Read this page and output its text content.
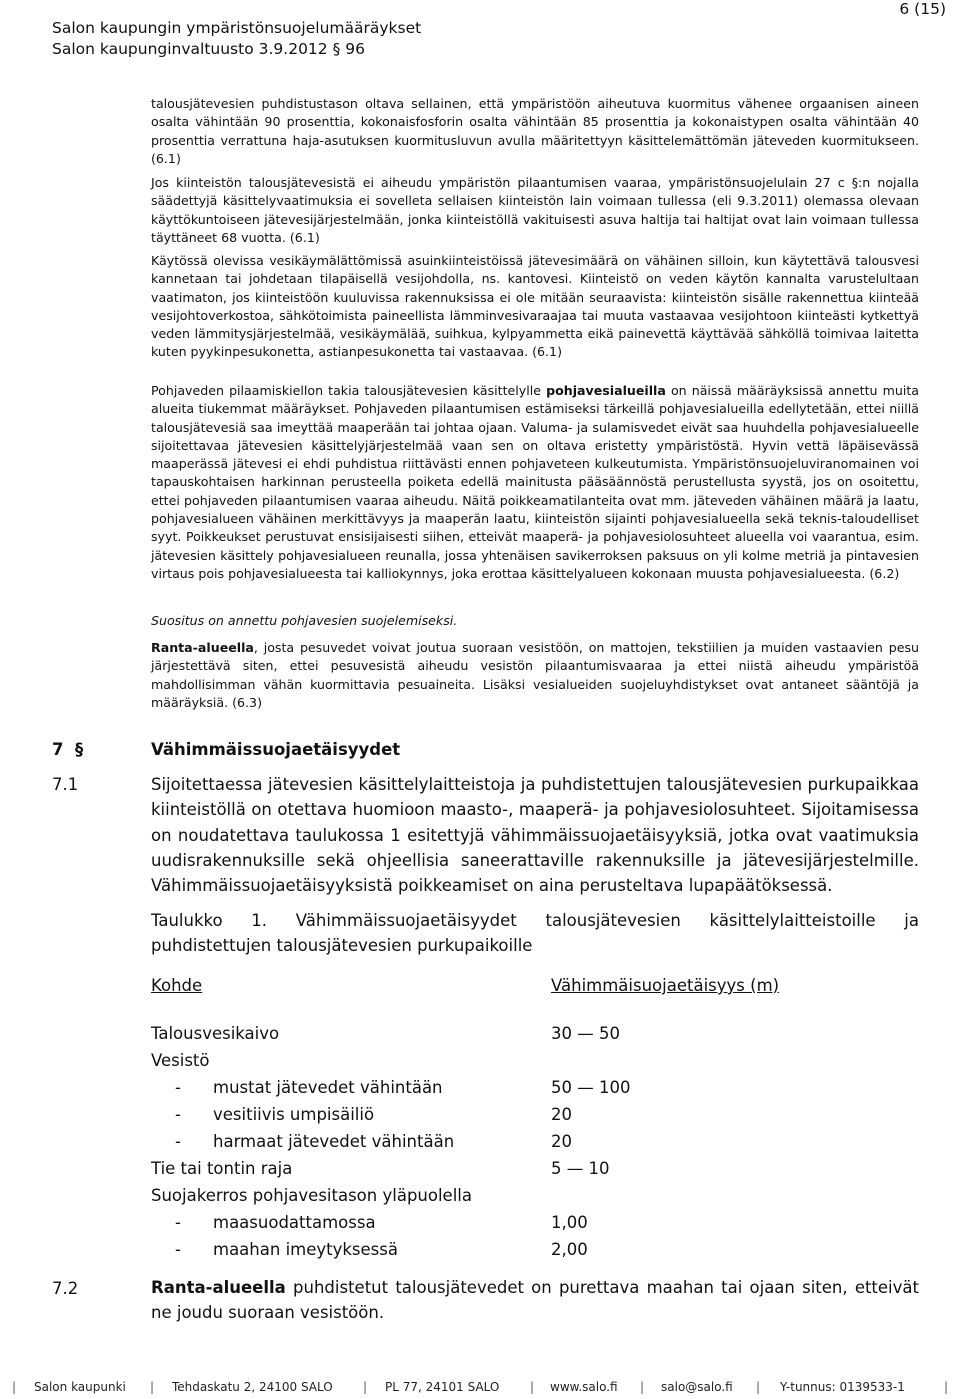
Salon kaupungin ympäristönsuojelumääräykset
Salon kaupunginvaltuusto 3.9.2012 § 96
6 (15)

talousjätevesien puhdistustason oltava sellainen, että ympäristöön aiheutuva kuormitus vähenee orgaanisen aineen osalta vähintään 90 prosenttia, kokonaisfosforin osalta vähintään 85 prosenttia ja kokonaistypen osalta vähintään 40 prosenttia verrattuna haja-asutuksen kuormitusluvun avulla määritettyyn käsittelemättömän jäteveden kuormitukseen. (6.1)

Jos kiinteistön talousjätevesistä ei aiheudu ympäristön pilaantumisen vaaraa, ympäristönsuojelulain 27 c §:n nojalla säädettyjä käsittelyvaatimuksia ei sovelleta sellaisen kiinteistön lain voimaan tullessa (eli 9.3.2011) olemassa olevaan käyttökuntoiseen jätevesijärjestelmään, jonka kiinteistöllä vakituisesti asuva haltija tai haltijat ovat lain voimaan tullessa täyttäneet 68 vuotta. (6.1)

Käytössä olevissa vesikäymälättömissä asuinkiinteistöissä jätevesimäärä on vähäinen silloin, kun käytettävä talousvesi kannetaan tai johdetaan tilapäisellä vesijohdolla, ns. kantovesi. Kiinteistö on veden käytön kannalta varustelultaan vaatimaton, jos kiinteistöön kuuluvissa rakennuksissa ei ole mitään seuraavista: kiinteistön sisälle rakennettua kiinteää vesijohtoverkostoa, sähkötoimista paineellista lämminvesivaraajaa tai muuta vastaavaa vesijohtoon kiinteästi kytkettyä veden lämmitysjärjestelmää, vesikäymälää, suihkua, kylpyammetta eikä painevettä käyttävää sähköllä toimivaa laitetta kuten pyykinpesukonetta, astianpesukonetta tai vastaavaa. (6.1)

Pohjaveden pilaamiskiellon takia talousjätevesien käsittelylle pohjavesialueilla on näissä määräyksissä annettu muita alueita tiukemmat määräykset. Pohjaveden pilaantumisen estämiseksi tärkeillä pohjavesialueilla edellytetään, ettei niillä talousjätevesiä saa imeyttää maaperään tai johtaa ojaan. Valuma- ja sulamisvedet eivät saa huuhdella pohjavesialueelle sijoitettavaa jätevesien käsittelyjärjestelmää vaan sen on oltava eristetty ympäristöstä. Hyvin vettä läpäisevässä maaperässä jätevesi ei ehdi puhdistua riittävästi ennen pohjaveteen kulkeutumista. Ympäristönsuojeluviranomainen voi tapauskohtaisen harkinnan perusteella poiketa edellä mainitusta pääsäännöstä perustellusta syystä, jos on osoitettu, ettei pohjaveden pilaantumisen vaaraa aiheudu. Näitä poikkeamatilanteita ovat mm. jäteveden vähäinen määrä ja laatu, pohjavesialueen vähäinen merkittävyys ja maaperän laatu, kiinteistön sijainti pohjavesialueella sekä teknis-taloudelliset syyt. Poikkeukset perustuvat ensisijaisesti siihen, etteivät maaperä- ja pohjavesiolosuhteet alueella voi vaarantua, esim. jätevesien käsittely pohjavesialueen reunalla, jossa yhtenäisen savikerroksen paksuus on yli kolme metriä ja pintavesien virtaus pois pohjavesialueesta tai kalliokynnys, joka erottaa käsittelyalueen kokonaan muusta pohjavesialueesta. (6.2)

Suositus on annettu pohjavesien suojelemiseksi.

Ranta-alueella, josta pesuvedet voivat joutua suoraan vesistöön, on mattojen, tekstiilien ja muiden vastaavien pesu järjestettävä siten, ettei pesuvesistä aiheudu vesistön pilaantumisvaaraa ja ettei niistä aiheudu ympäristöä mahdollisimman vähän kuormittavia pesuaineita. Lisäksi vesialueiden suojeluyhdistykset ovat antaneet sääntöjä ja määräyksiä. (6.3)

7 §	Vähimmäissuojaetäisyydet
7.1	Sijoitettaessa jätevesien käsittelylaitteistoja ja puhdistettujen talousjätevesien purkupaikkaa kiinteistöllä on otettava huomioon maasto-, maaperä- ja pohjavesiolosuhteet. Sijoitamisessa on noudatettava taulukossa 1 esitettyjä vähimmäissuojaetäisyyksiä, jotka ovat vaatimuksia uudisrakennuksille sekä ohjeellisia saneerattaville rakennuksille ja jätevesijärjestelmille. Vähimmäissuojaetäisyyksistä poikkeamiset on aina perusteltava lupapäätöksessä.

Taulukko 1. Vähimmäissuojaetäisyydet talousjätevesien käsittelylaitteistoille ja puhdistettujen talousjätevesien purkupaikoille

Kohde	Vähimmäisuojaetäisyys (m)
Talousvesikaivo	30 — 50
Vesistö
- mustat jätevedet vähintään	50 — 100
- vesitiivis umpisäiliö	20
- harmaat jätevedet vähintään	20
Tie tai tontin raja	5 — 10
Suojakerros pohjavesitason yläpuolella
- maasuodattamossa	1,00
- maahan imeytyksessä	2,00
7.2	Ranta-alueella puhdistetut talousjätevedet on purettava maahan tai ojaan siten, etteivät ne joudu suoraan vesistöön.

Salon kaupunki	Tehdaskatu 2, 24100 SALO	PL 77, 24101 SALO	www.salo.fi	salo@salo.fi	Y-tunnus: 0139533-1
|	|	|	|	|	|	|
